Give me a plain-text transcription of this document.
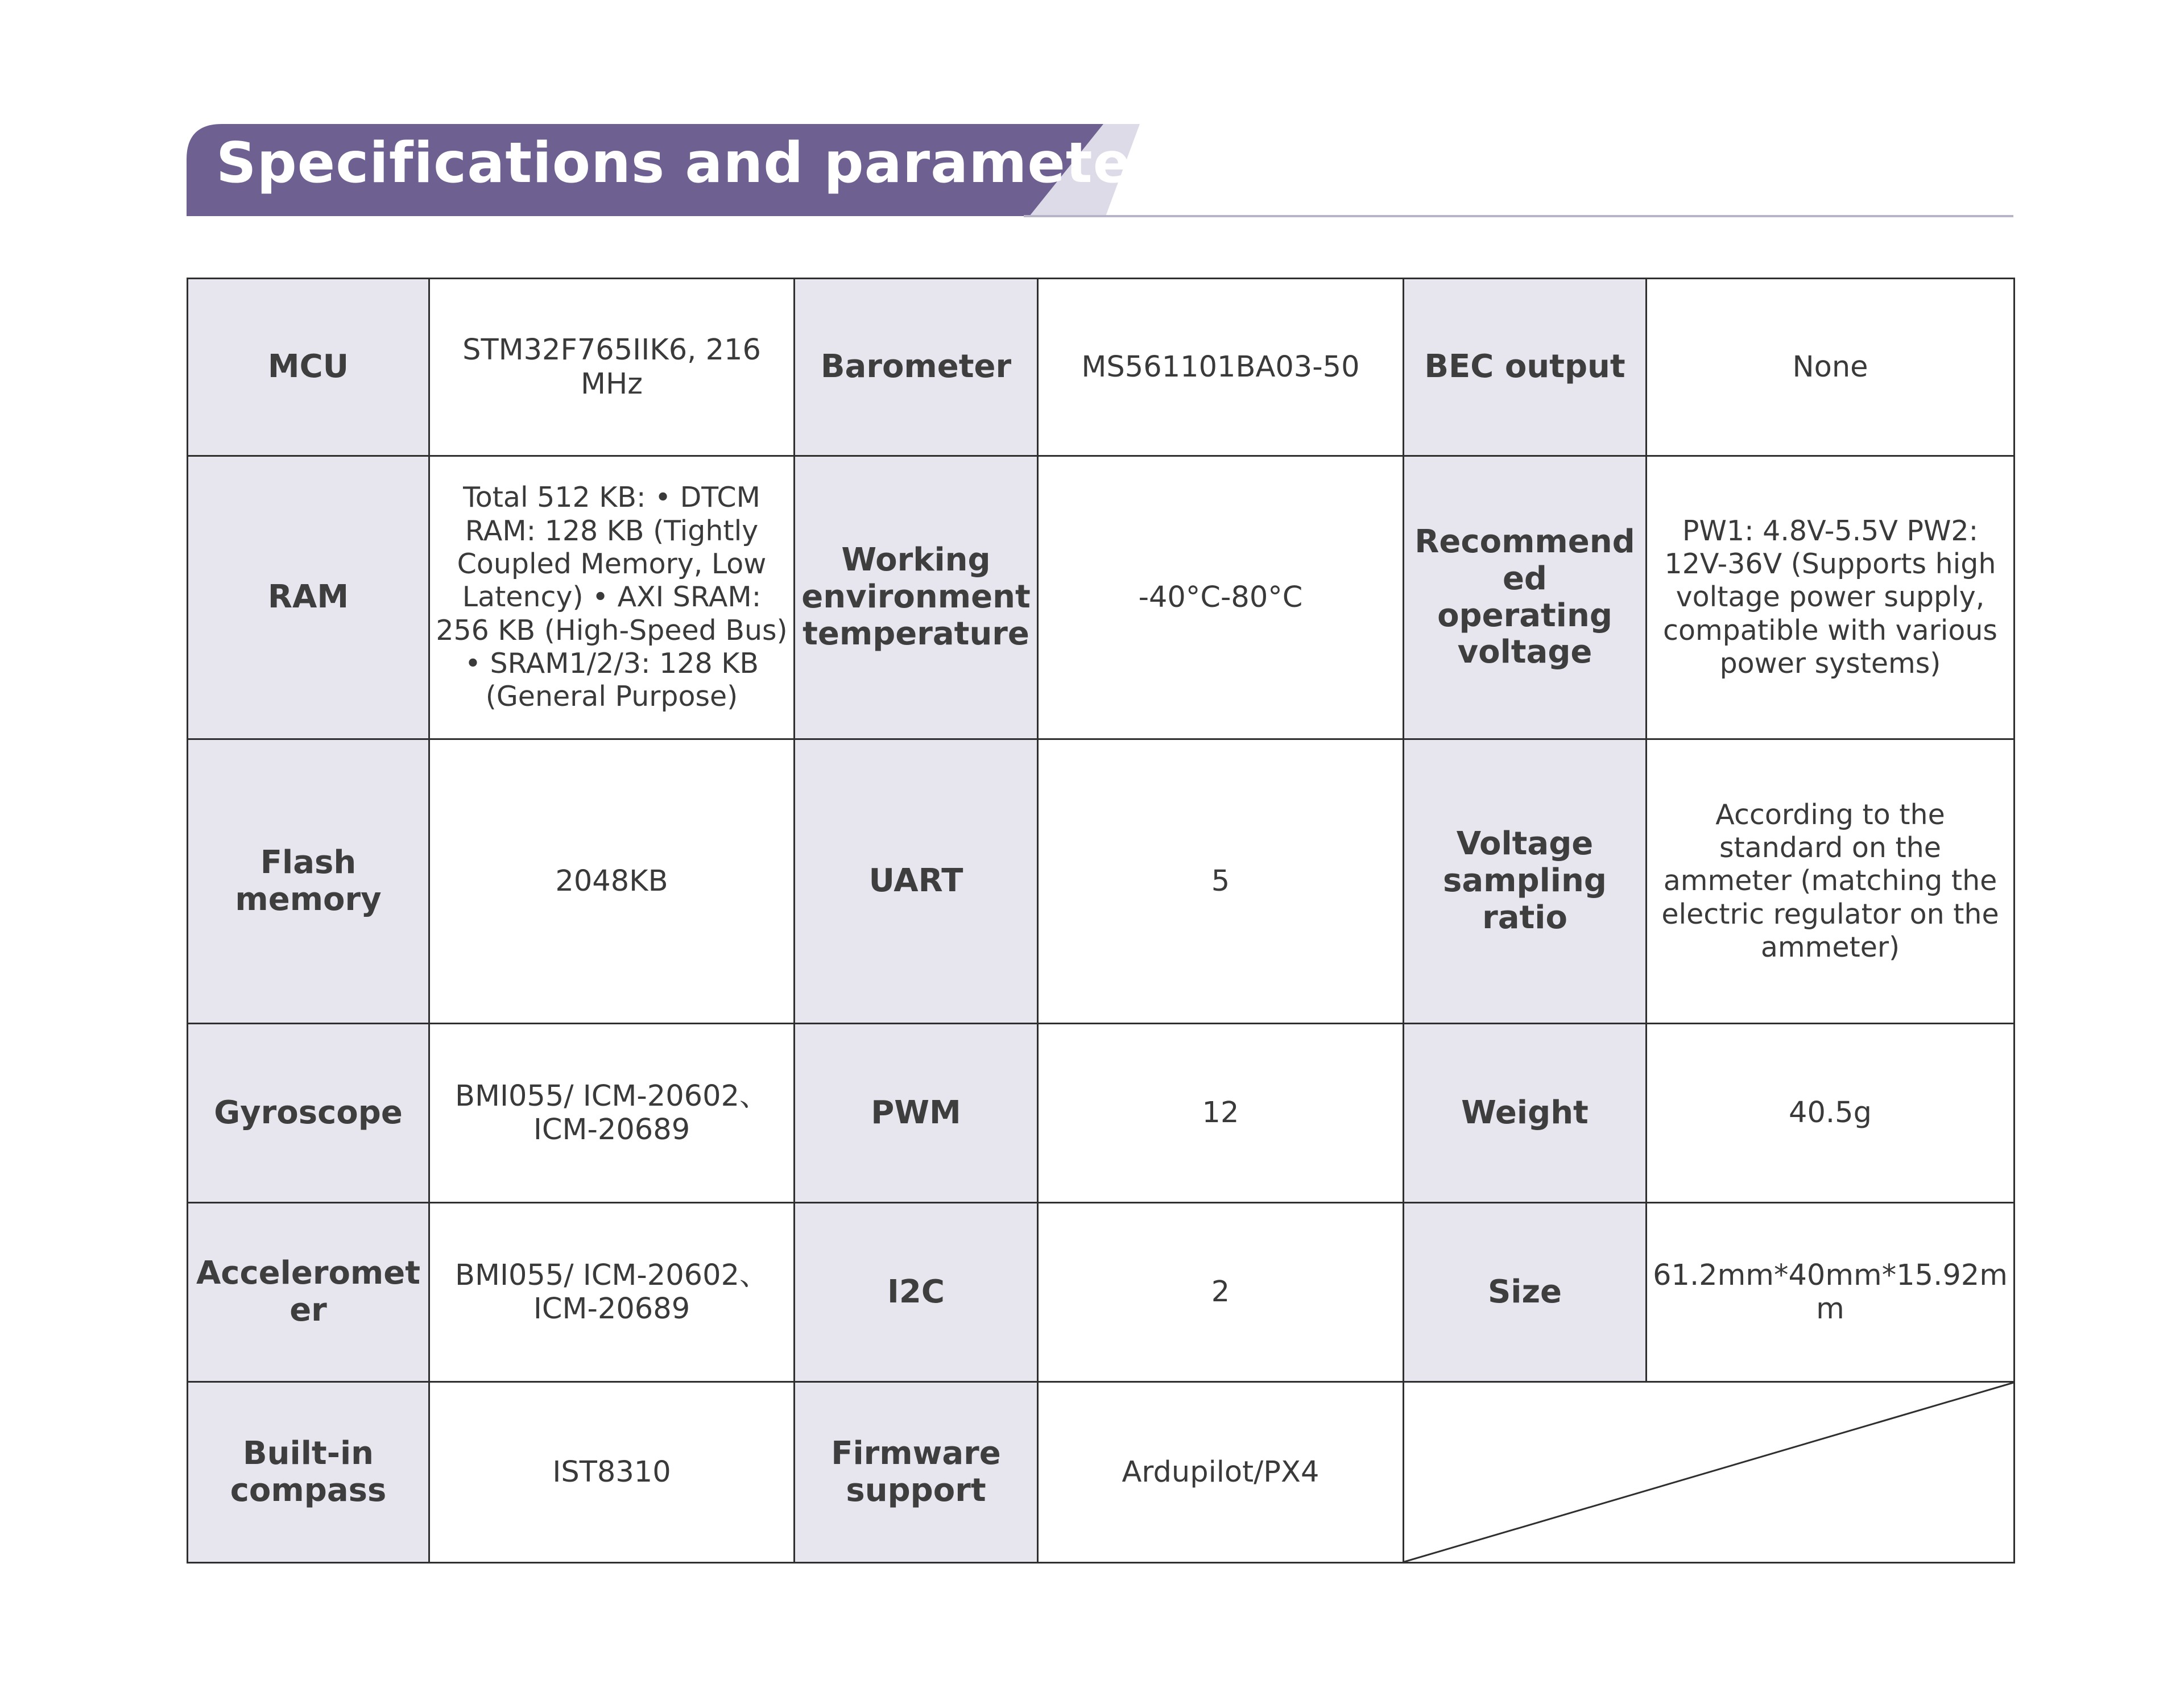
Specifications and parameters
MCU	STM32F765IIK6, 216 MHz	Barometer	MS561101BA03-50	BEC output	None
RAM	Total 512 KB: • DTCM RAM: 128 KB (Tightly Coupled Memory, Low Latency) • AXI SRAM: 256 KB (High-Speed Bus) • SRAM1/2/3: 128 KB (General Purpose)	Working environment temperature	-40°C-80°C	Recommended operating voltage	PW1: 4.8V-5.5V PW2: 12V-36V (Supports high voltage power supply, compatible with various power systems)
Flash memory	2048KB	UART	5	Voltage sampling ratio	According to the standard on the ammeter (matching the electric regulator on the ammeter)
Gyroscope	BMI055/ ICM-20602、ICM-20689	PWM	12	Weight	40.5g
Accelerometer	BMI055/ ICM-20602、ICM-20689	I2C	2	Size	61.2mm*40mm*15.92mm
Built-in compass	IST8310	Firmware support	Ardupilot/PX4	
